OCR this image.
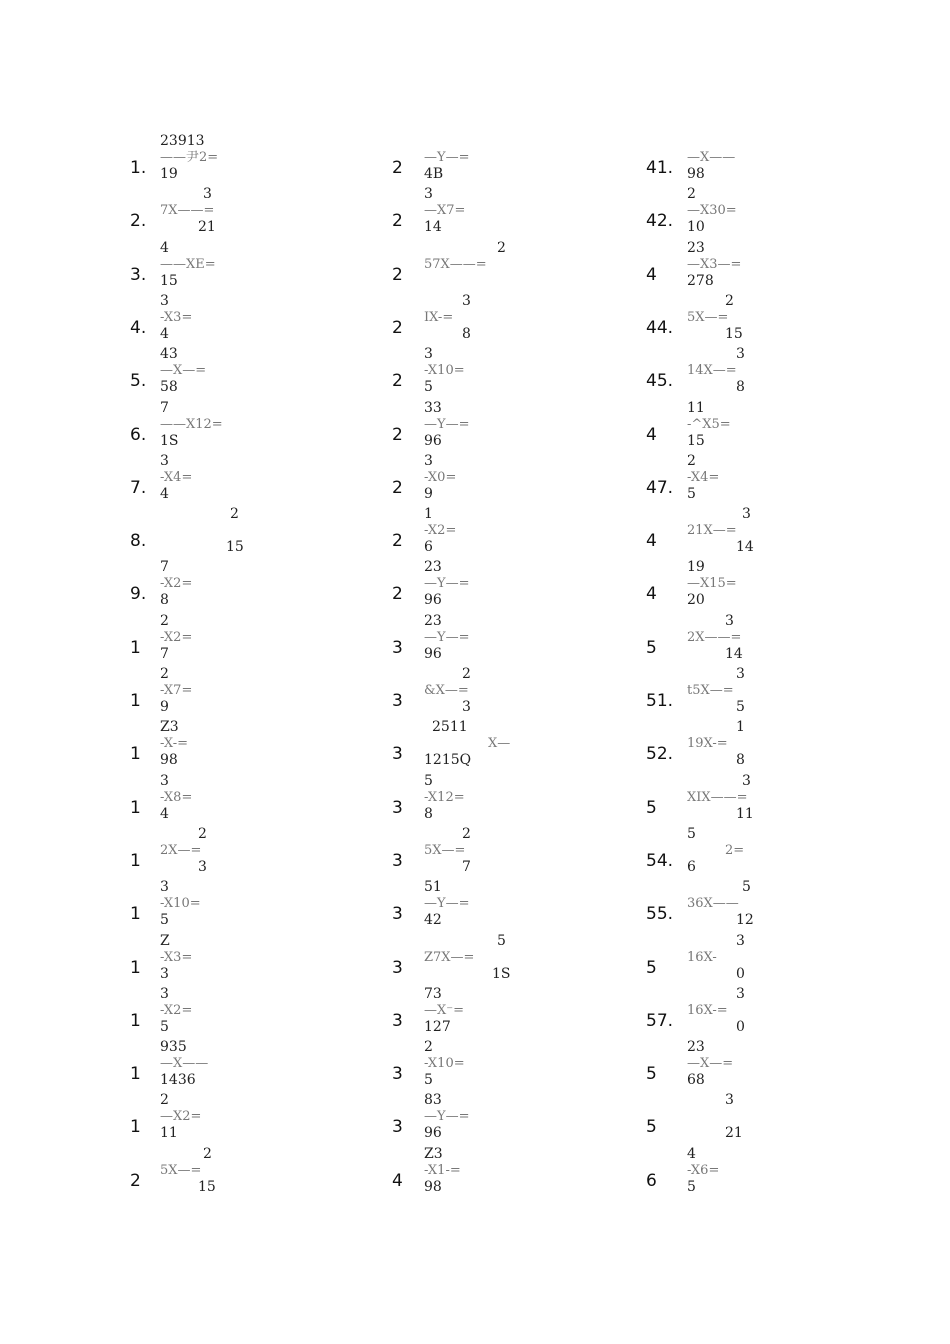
1.
23913
——尹2=
19
2.
3
7X——=
21
3.
4
——XE=
15
4.
3
-X3=
4
5.
43
—X—=
58
6.
7
——X12=
1S
7.
3
-X4=
4
8.
2
15
9.
7
-X2=
8
1
2
-X2=
7
1
2
-X7=
9
1
Z3
-X-=
98
1
3
-X8=
4
1
2
2X—=
3
1
3
-X10=
5
1
Z
-X3=
3
1
3
-X2=
5
1
935
—X——
1436
1
2
—X2=
11
2
2
5X—=
15
2
—Y—=
4B
2
3
—X7=
14
2
2
57X——=
2
3
IX-=
8
2
3
-X10=
5
2
33
—Y—=
96
2
3
-X0=
9
2
1
-X2=
6
2
23
—Y—=
96
3
23
—Y—=
96
3
2
&X—=
3
3
2511
X—
1215Q
3
5
-X12=
8
3
2
5X—=
7
3
51
—Y—=
42
3
5
Z7X—=
1S
3
73
—X⁻=
127
3
2
-X10=
5
3
83
—Y—=
96
4
Z3
-X1-=
98
41.
—X——
98
42.
2
—X30=
10
4
23
—X3—=
278
44.
2
5X—=
15
45.
3
14X—=
8
4
11
-^X5=
15
47.
2
-X4=
5
4
3
21X—=
14
4
19
—X15=
20
5
3
2X——=
14
51.
3
t5X—=
5
52.
1
19X-=
8
5
3
XIX——=
11
54.
5
2=
6
55.
5
36X——
12
5
3
16X-
0
57.
3
16X-=
0
5
23
—X—=
68
5
3
21
6
4
-X6=
5
